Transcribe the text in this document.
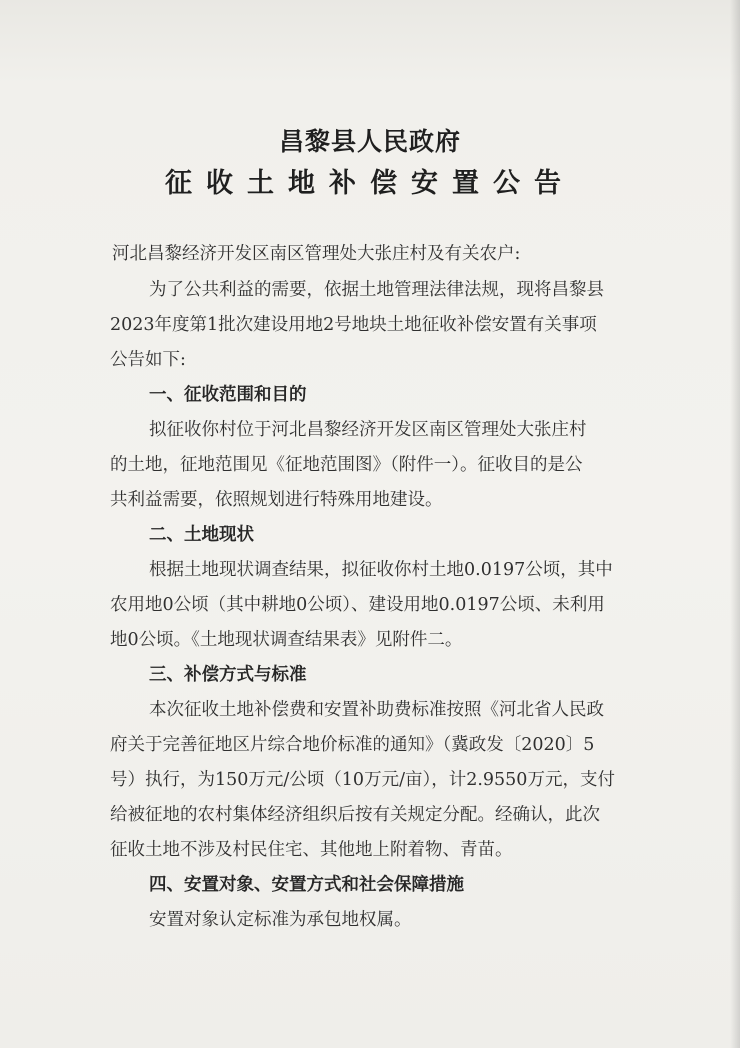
昌黎县人民政府
征收土地补偿安置公告
河北昌黎经济开发区南区管理处大张庄村及有关农户:
为了公共利益的需要，依据土地管理法律法规，现将昌黎县
2023年度第1批次建设用地2号地块土地征收补偿安置有关事项
公告如下:
一、征收范围和目的
拟征收你村位于河北昌黎经济开发区南区管理处大张庄村
的土地，征地范围见《征地范围图》（附件一）。征收目的是公
共利益需要，依照规划进行特殊用地建设。
二、土地现状
根据土地现状调查结果，拟征收你村土地0.0197公顷，其中
农用地0公顷（其中耕地0公顷）、建设用地0.0197公顷、未利用
地0公顷。《土地现状调查结果表》见附件二。
三、补偿方式与标准
本次征收土地补偿费和安置补助费标准按照《河北省人民政
府关于完善征地区片综合地价标准的通知》（冀政发〔2020〕5
号）执行，为150万元/公顷（10万元/亩），计2.9550万元，支付
给被征地的农村集体经济组织后按有关规定分配。经确认，此次
征收土地不涉及村民住宅、其他地上附着物、青苗。
四、安置对象、安置方式和社会保障措施
安置对象认定标准为承包地权属。
